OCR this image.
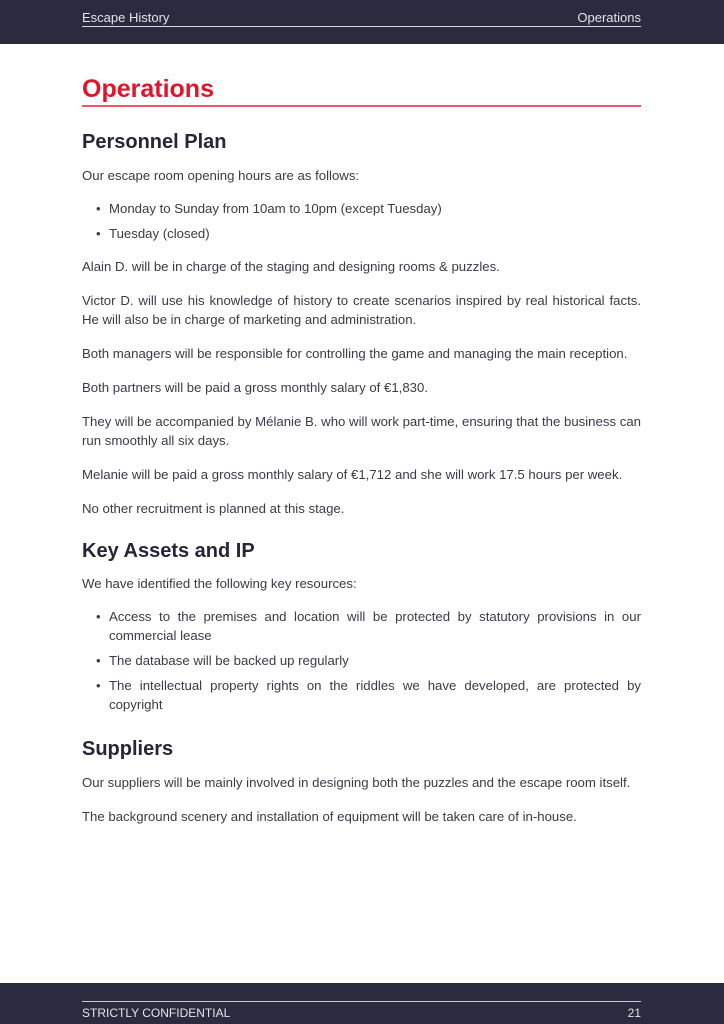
Escape History	Operations
Operations
Personnel Plan

Our escape room opening hours are as follows:

• Monday to Sunday from 10am to 10pm (except Tuesday)
• Tuesday (closed)

Alain D. will be in charge of the staging and designing rooms & puzzles.

Victor D. will use his knowledge of history to create scenarios inspired by real historical facts. He will also be in charge of marketing and administration.

Both managers will be responsible for controlling the game and managing the main reception.

Both partners will be paid a gross monthly salary of €1,830.

They will be accompanied by Mélanie B. who will work part-time, ensuring that the business can run smoothly all six days.

Melanie will be paid a gross monthly salary of €1,712 and she will work 17.5 hours per week.

No other recruitment is planned at this stage.

Key Assets and IP

We have identified the following key resources:

• Access to the premises and location will be protected by statutory provisions in our commercial lease
• The database will be backed up regularly
• The intellectual property rights on the riddles we have developed, are protected by copyright
Suppliers

Our suppliers will be mainly involved in designing both the puzzles and the escape room itself.

The background scenery and installation of equipment will be taken care of in-house.

STRICTLY CONFIDENTIAL	21
